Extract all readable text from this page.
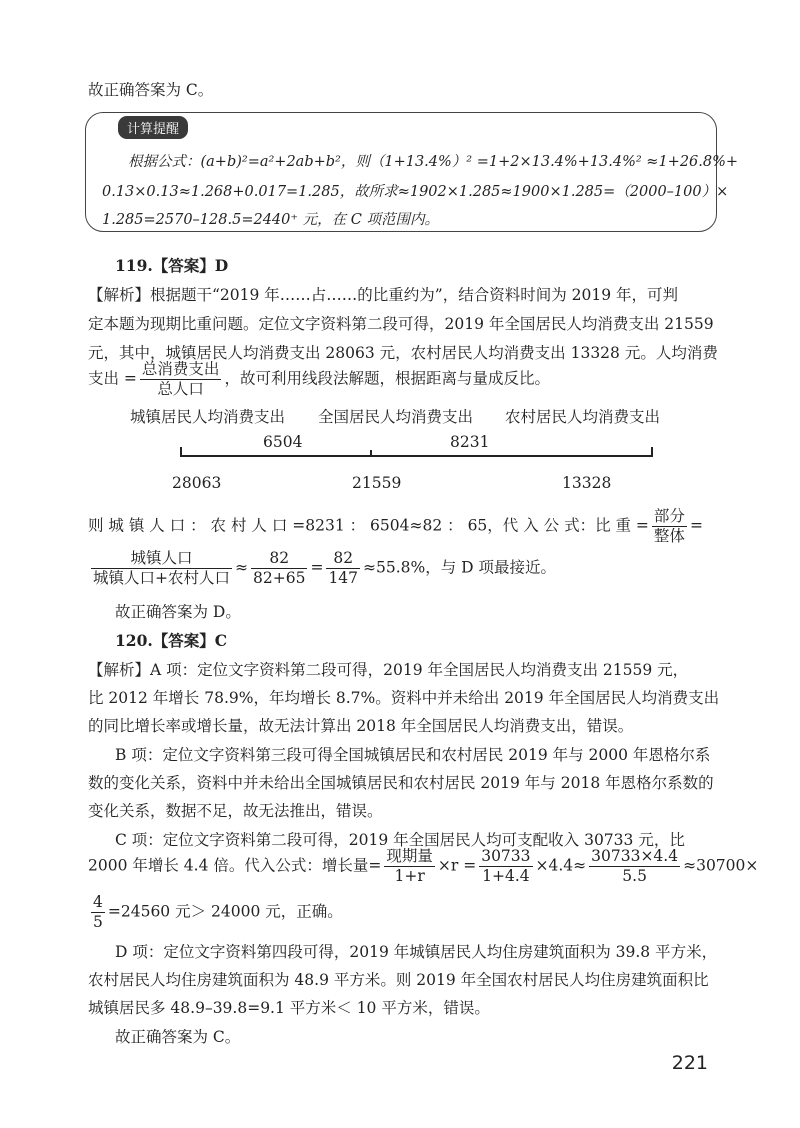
故正确答案为 C。
计算提醒
根据公式：(a+b)²=a²+2ab+b²，则（1+13.4%）² =1+2×13.4%+13.4%² ≈1+26.8%+
0.13×0.13≈1.268+0.017=1.285，故所求≈1902×1.285≈1900×1.285=（2000–100）×
1.285=2570–128.5=2440⁺ 元，在 C 项范围内。
119.【答案】D
【解析】根据题干“2019 年……占……的比重约为”，结合资料时间为 2019 年，可判
定本题为现期比重问题。定位文字资料第二段可得，2019 年全国居民人均消费支出 21559
元，其中，城镇居民人均消费支出 28063 元，农村居民人均消费支出 13328 元。人均消费
支出 = $\frac{\text{总消费支出}}{\text{总人口}}$ ，故可利用线段法解题，根据距离与量成反比。
城镇居民人均消费支出 全国居民人均消费支出 农村居民人均消费支出
6504	8231
28063	21559	13328
则 城 镇 人 口 ： 农 村 人 口 =8231 ： 6504≈82 ： 65，代 入 公 式：比 重 = $\frac{\text{部分}}{\text{整体}}$ =
$\frac{\text{城镇人口}}{\text{城镇人口+农村人口}} \approx \frac{82}{82+65} = \frac{82}{147} \approx 55.8\%$，与 D 项最接近。
故正确答案为 D。
120.【答案】C
【解析】A 项：定位文字资料第二段可得，2019 年全国居民人均消费支出 21559 元，
比 2012 年增长 78.9%，年均增长 8.7%。资料中并未给出 2019 年全国居民人均消费支出
的同比增长率或增长量，故无法计算出 2018 年全国居民人均消费支出，错误。
B 项：定位文字资料第三段可得全国城镇居民和农村居民 2019 年与 2000 年恩格尔系
数的变化关系，资料中并未给出全国城镇居民和农村居民 2019 年与 2018 年恩格尔系数的
变化关系，数据不足，故无法推出，错误。
C 项：定位文字资料第二段可得，2019 年全国居民人均可支配收入 30733 元，比
2000 年增长 4.4 倍。代入公式：增长量= $\frac{\text{现期量}}{1+r} \times r = \frac{30733}{1+4.4} \times 4.4\approx \frac{30733\times 4.4}{5.5} \approx 30700\times$
$\frac{4}{5} =24560$ 元＞ 24000 元，正确。
D 项：定位文字资料第四段可得，2019 年城镇居民人均住房建筑面积为 39.8 平方米，
农村居民人均住房建筑面积为 48.9 平方米。则 2019 年全国农村居民人均住房建筑面积比
城镇居民多 48.9–39.8=9.1 平方米＜ 10 平方米，错误。
故正确答案为 C。
221
